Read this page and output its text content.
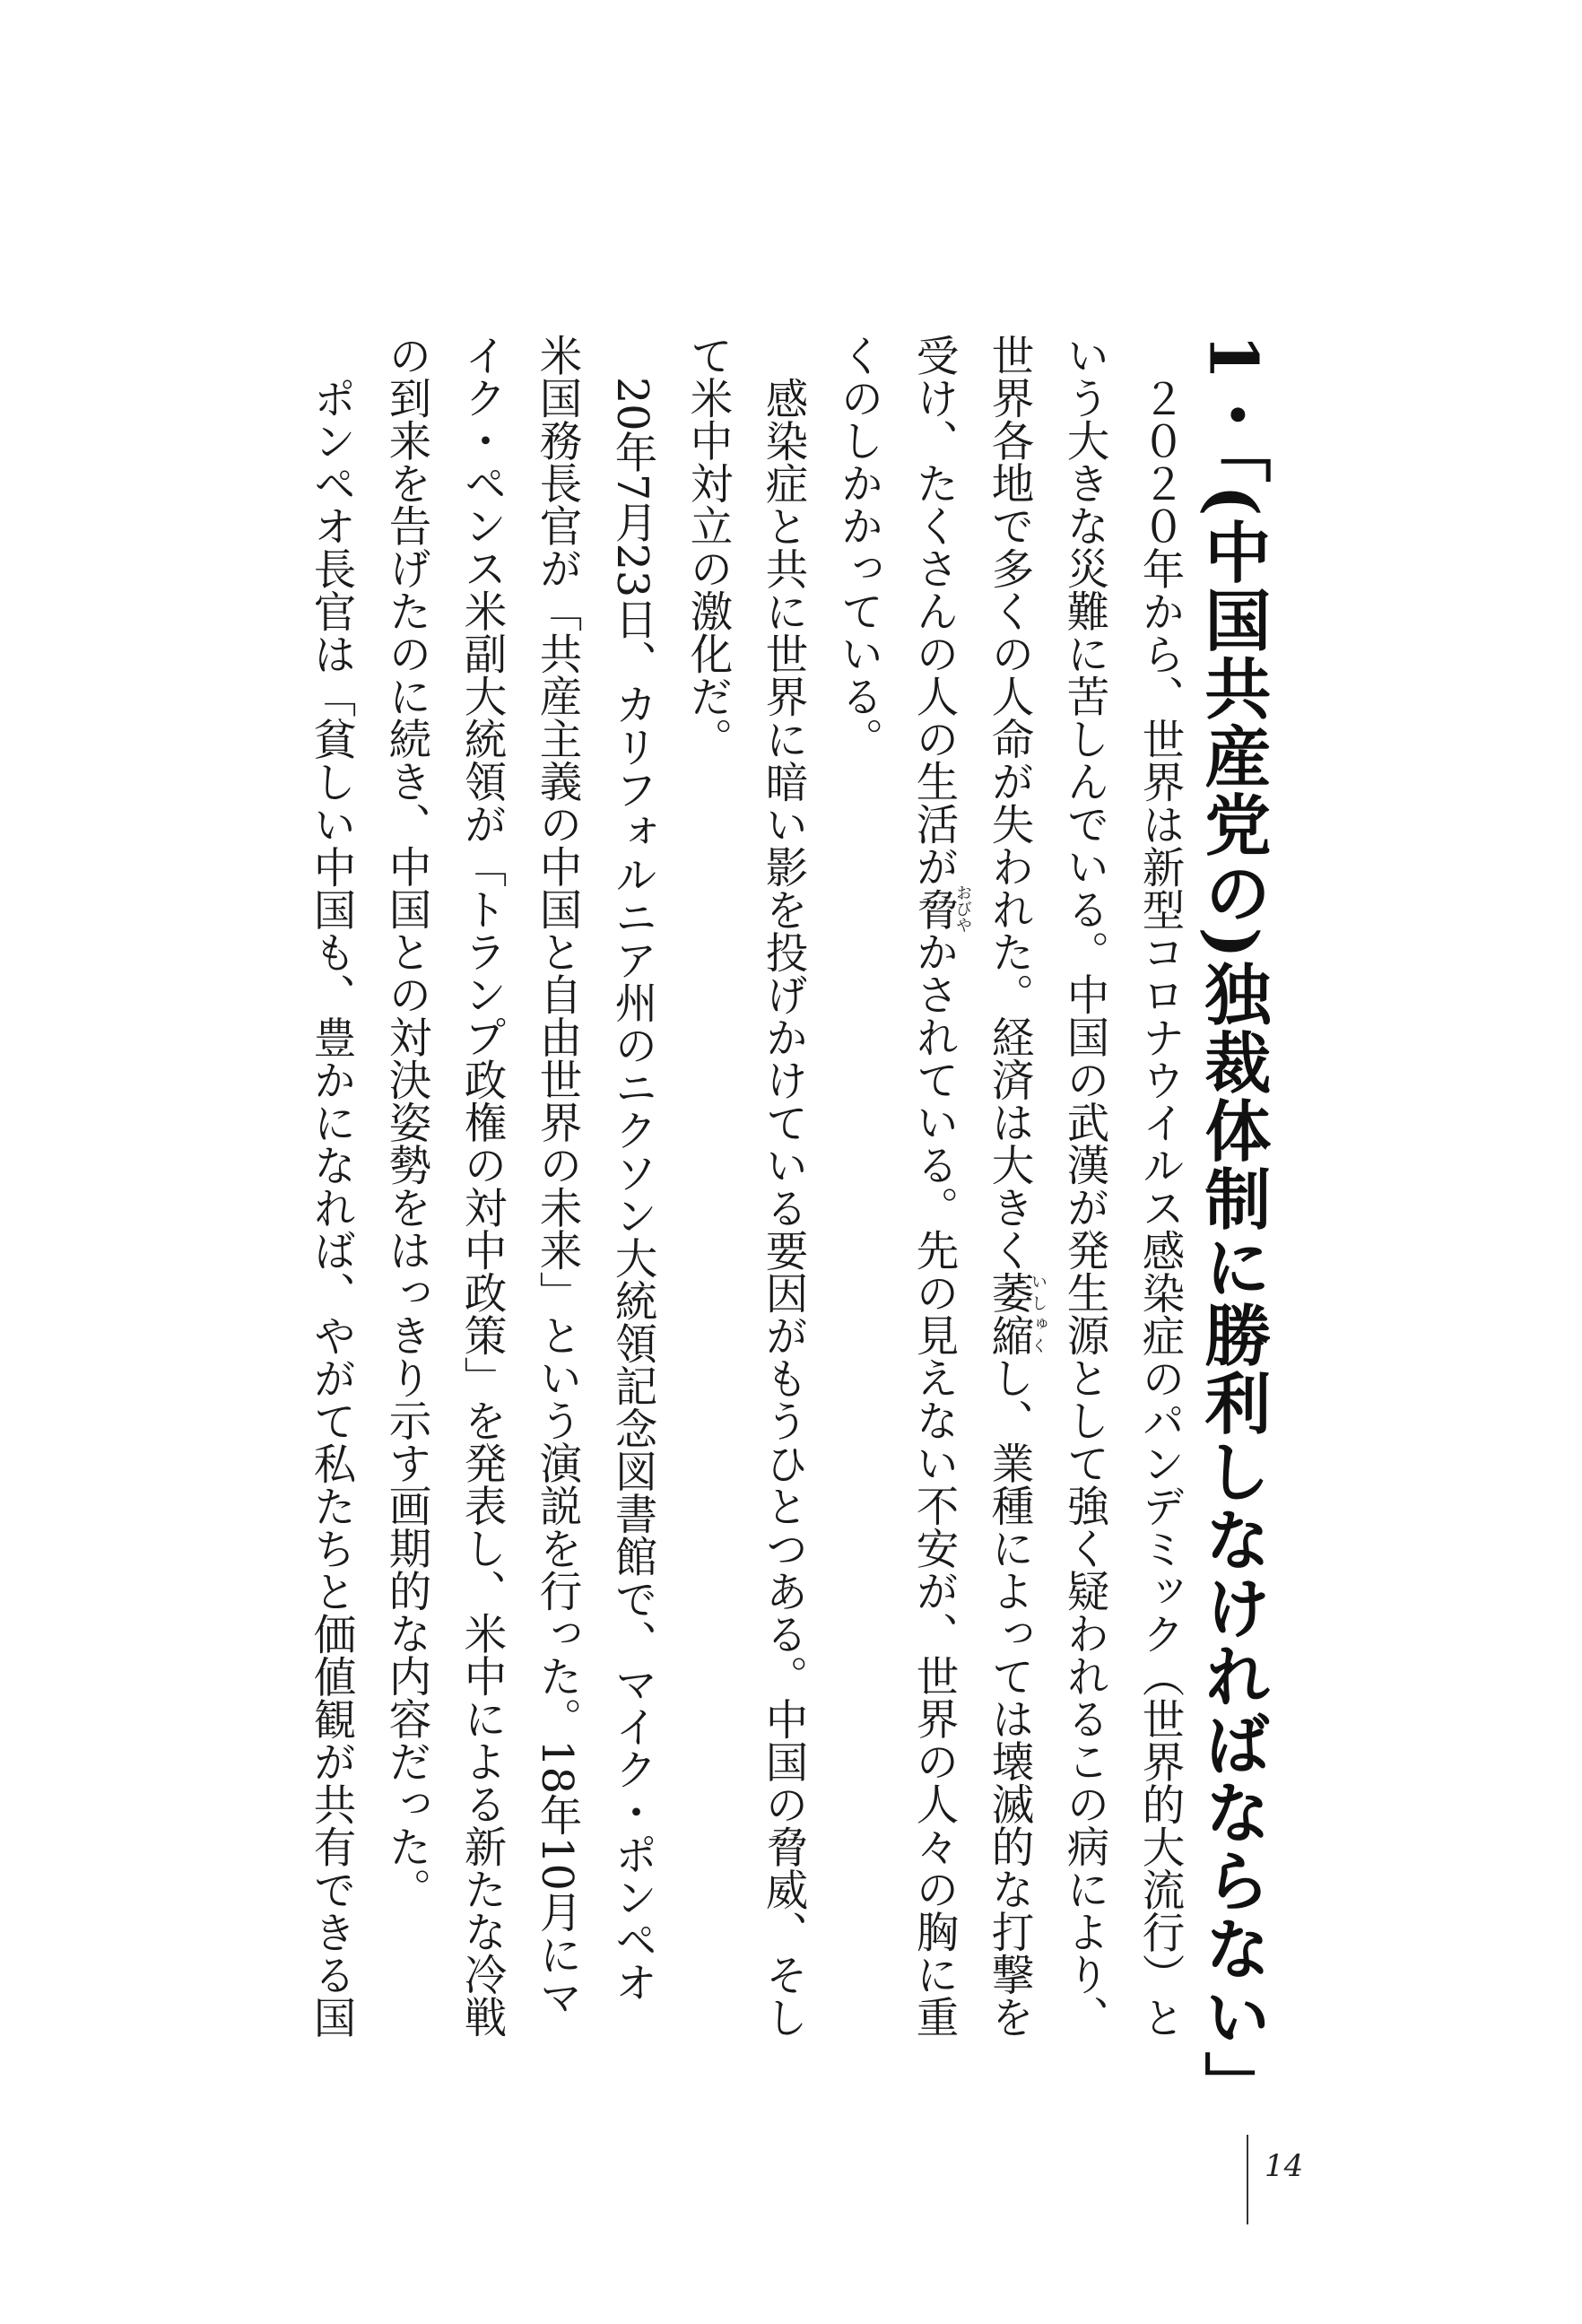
1・「(中国共産党の)独裁体制に勝利しなければならない」

２０２０年から、世界は新型コロナウイルス感染症のパンデミック（世界的大流行）という大きな災難に苦しんでいる。中国の武漢が発生源として強く疑われるこの病により、世界各地で多くの人命が失われた。経済は大きく萎縮いしゅくし、業種によっては壊滅的な打撃を受け、たくさんの人の生活が脅おびやかされている。先の見えない不安が、世界の人々の胸に重くのしかかっている。

感染症と共に世界に暗い影を投げかけている要因がもうひとつある。中国の脅威、そして米中対立の激化だ。

20年7月23日、カリフォルニア州のニクソン大統領記念図書館で、マイク・ポンペオ米国務長官が「共産主義の中国と自由世界の未来」という演説を行った。18年10月にマイク・ペンス米副大統領が「トランプ政権の対中政策」を発表し、米中による新たな冷戦の到来を告げたのに続き、中国との対決姿勢をはっきり示す画期的な内容だった。

ポンペオ長官は「貧しい中国も、豊かになれば、やがて私たちと価値観が共有できる国

14
